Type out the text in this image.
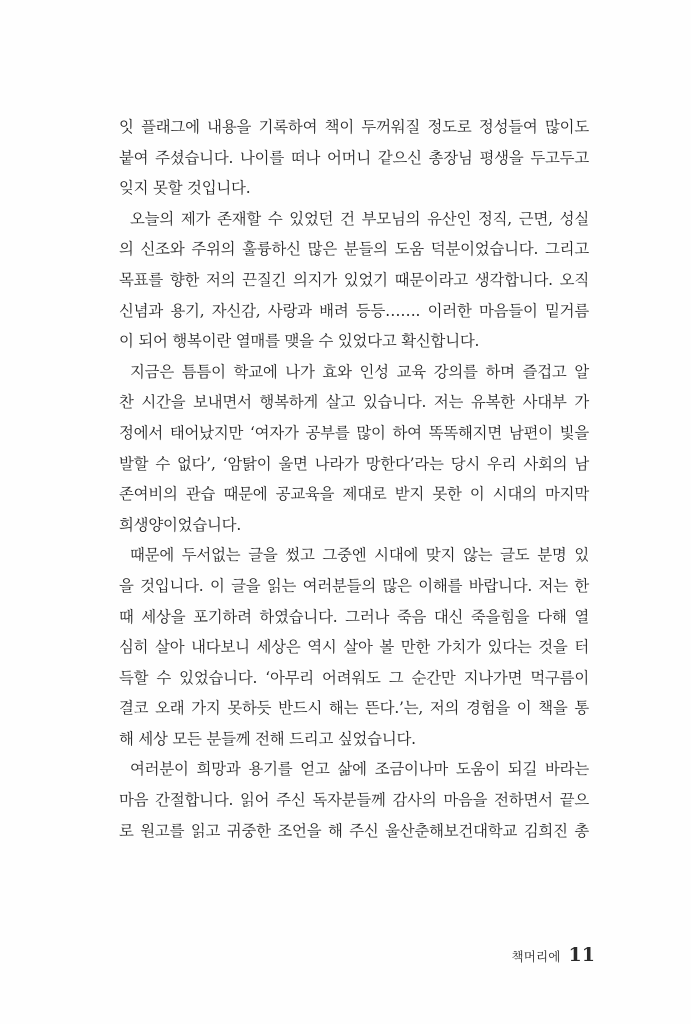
잇 플래그에 내용을 기록하여 책이 두꺼워질 정도로 정성들여 많이도
붙여 주셨습니다. 나이를 떠나 어머니 같으신 총장님 평생을 두고두고
잊지 못할 것입니다.
오늘의 제가 존재할 수 있었던 건 부모님의 유산인 정직, 근면, 성실
의 신조와 주위의 훌륭하신 많은 분들의 도움 덕분이었습니다. 그리고
목표를 향한 저의 끈질긴 의지가 있었기 때문이라고 생각합니다. 오직
신념과 용기, 자신감, 사랑과 배려 등등……. 이러한 마음들이 밑거름
이 되어 행복이란 열매를 맺을 수 있었다고 확신합니다.
지금은 틈틈이 학교에 나가 효와 인성 교육 강의를 하며 즐겁고 알
찬 시간을 보내면서 행복하게 살고 있습니다. 저는 유복한 사대부 가
정에서 태어났지만 ‘여자가 공부를 많이 하여 똑똑해지면 남편이 빛을
발할 수 없다’, ‘암탉이 울면 나라가 망한다’라는 당시 우리 사회의 남
존여비의 관습 때문에 공교육을 제대로 받지 못한 이 시대의 마지막
희생양이었습니다.
때문에 두서없는 글을 썼고 그중엔 시대에 맞지 않는 글도 분명 있
을 것입니다. 이 글을 읽는 여러분들의 많은 이해를 바랍니다. 저는 한
때 세상을 포기하려 하였습니다. 그러나 죽음 대신 죽을힘을 다해 열
심히 살아 내다보니 세상은 역시 살아 볼 만한 가치가 있다는 것을 터
득할 수 있었습니다. ‘아무리 어려워도 그 순간만 지나가면 먹구름이
결코 오래 가지 못하듯 반드시 해는 뜬다.’는, 저의 경험을 이 책을 통
해 세상 모든 분들께 전해 드리고 싶었습니다.
여러분이 희망과 용기를 얻고 삶에 조금이나마 도움이 되길 바라는
마음 간절합니다. 읽어 주신 독자분들께 감사의 마음을 전하면서 끝으
로 원고를 읽고 귀중한 조언을 해 주신 울산춘해보건대학교 김희진 총
책머리에 11
